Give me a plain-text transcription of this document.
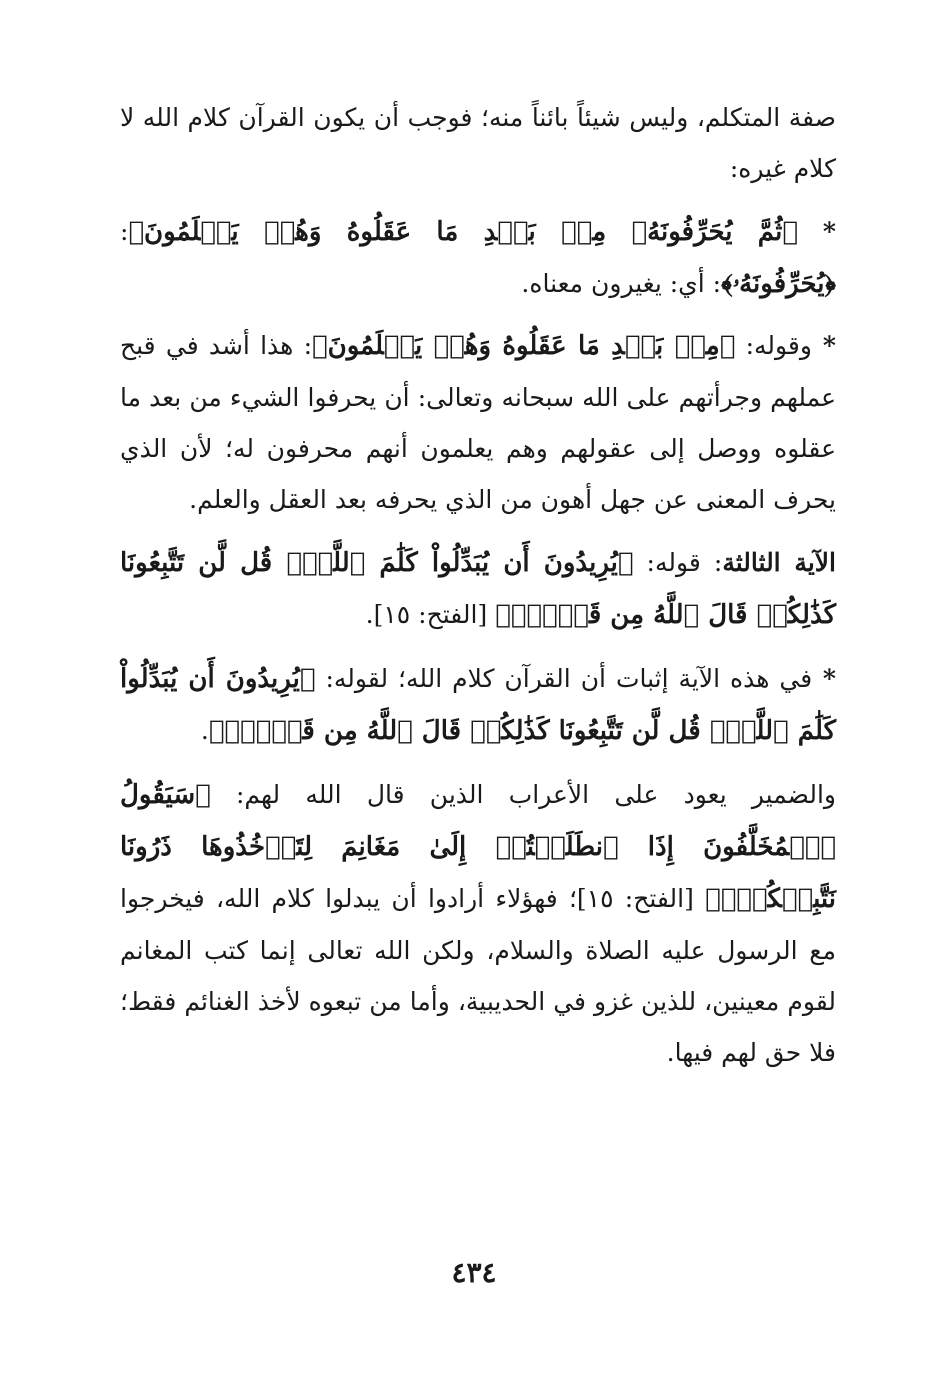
صفة المتكلم، وليس شيئاً بائناً منه؛ فوجب أن يكون القرآن كلام الله لا كلام غيره:

* ﴿ثُمَّ يُحَرِّفُونَهُۥ مِنۢ بَعۡدِ مَا عَقَلُوهُ وَهُمۡ يَعۡلَمُونَ﴾: ﴿يُحَرِّفُونَهُۥ﴾: أي: يغيرون معناه.

* وقوله: ﴿مِنۢ بَعۡدِ مَا عَقَلُوهُ وَهُمۡ يَعۡلَمُونَ﴾: هذا أشد في قبح عملهم وجرأتهم على الله سبحانه وتعالى: أن يحرفوا الشيء من بعد ما عقلوه ووصل إلى عقولهم وهم يعلمون أنهم محرفون له؛ لأن الذي يحرف المعنى عن جهل أهون من الذي يحرفه بعد العقل والعلم.

الآية الثالثة: قوله: ﴿يُرِيدُونَ أَن يُبَدِّلُواْ كَلَٰمَ ٱللَّهِۚ قُل لَّن تَتَّبِعُونَا كَذَٰلِكُمۡ قَالَ ٱللَّهُ مِن قَبۡلُۖ﴾ [الفتح: ١٥].

* في هذه الآية إثبات أن القرآن كلام الله؛ لقوله: ﴿يُرِيدُونَ أَن يُبَدِّلُواْ كَلَٰمَ ٱللَّهِۚ قُل لَّن تَتَّبِعُونَا كَذَٰلِكُمۡ قَالَ ٱللَّهُ مِن قَبۡلُۖ﴾.

والضمير يعود على الأعراب الذين قال الله لهم: ﴿سَيَقُولُ ٱلۡمُخَلَّفُونَ إِذَا ٱنطَلَقۡتُمۡ إِلَىٰ مَغَانِمَ لِتَأۡخُذُوهَا ذَرُونَا نَتَّبِعۡكُمۡۖ﴾ [الفتح: ١٥]؛ فهؤلاء أرادوا أن يبدلوا كلام الله، فيخرجوا مع الرسول عليه الصلاة والسلام، ولكن الله تعالى إنما كتب المغانم لقوم معينين، للذين غزو في الحديبية، وأما من تبعوه لأخذ الغنائم فقط؛ فلا حق لهم فيها.

٤٣٤
